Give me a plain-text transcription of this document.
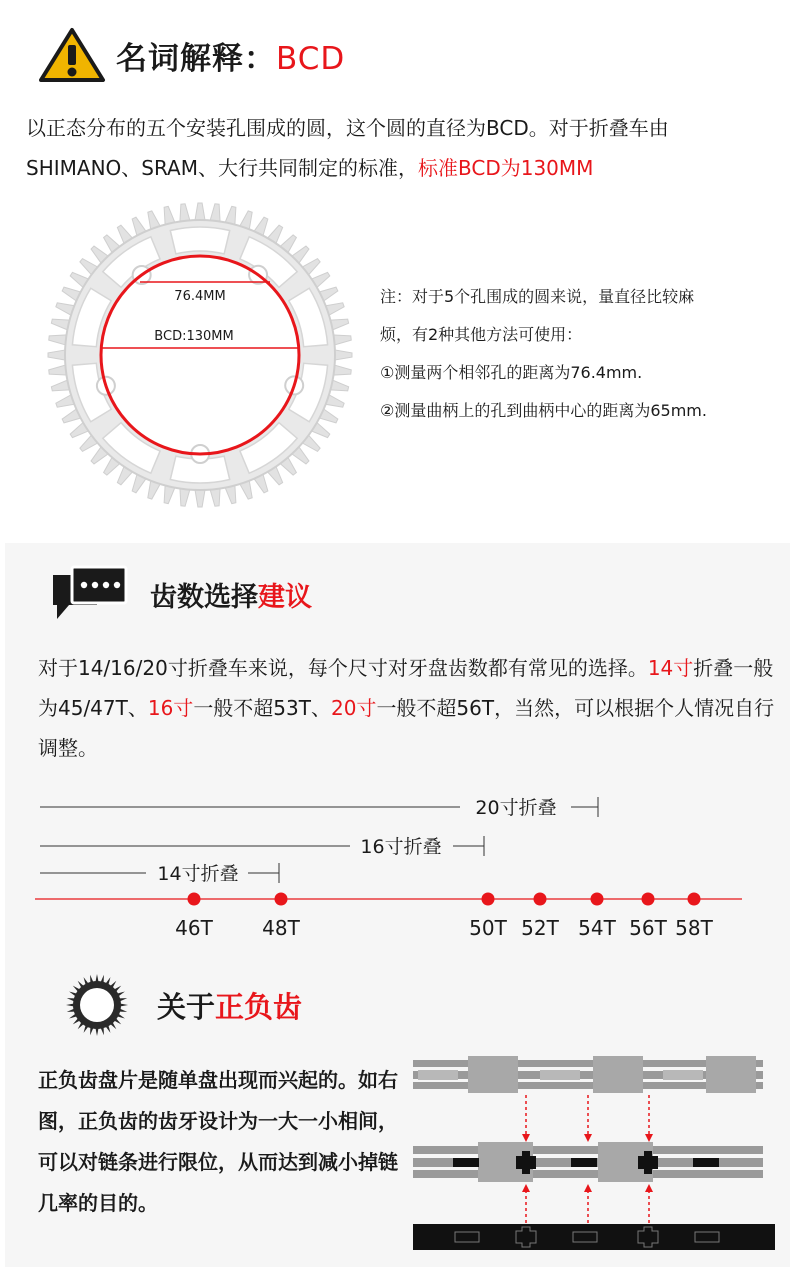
名词解释：BCD
以正态分布的五个安装孔围成的圆，这个圆的直径为BCD。对于折叠车由SHIMANO、SRAM、大行共同制定的标准，标准BCD为130MM
76.4MM
BCD:130MM
注：对于5个孔围成的圆来说，量直径比较麻
烦，有2种其他方法可使用：
①测量两个相邻孔的距离为76.4mm.
②测量曲柄上的孔到曲柄中心的距离为65mm.
齿数选择建议
对于14/16/20寸折叠车来说，每个尺寸对牙盘齿数都有常见的选择。14寸折叠一般为45/47T、16寸一般不超53T、20寸一般不超56T，当然，可以根据个人情况自行调整。
20寸折叠
16寸折叠
14寸折叠
46T 48T	50T 52T 54T 56T 58T
关于正负齿
正负齿盘片是随单盘出现而兴起的。如右图，正负齿的齿牙设计为一大一小相间，可以对链条进行限位，从而达到减小掉链几率的目的。
